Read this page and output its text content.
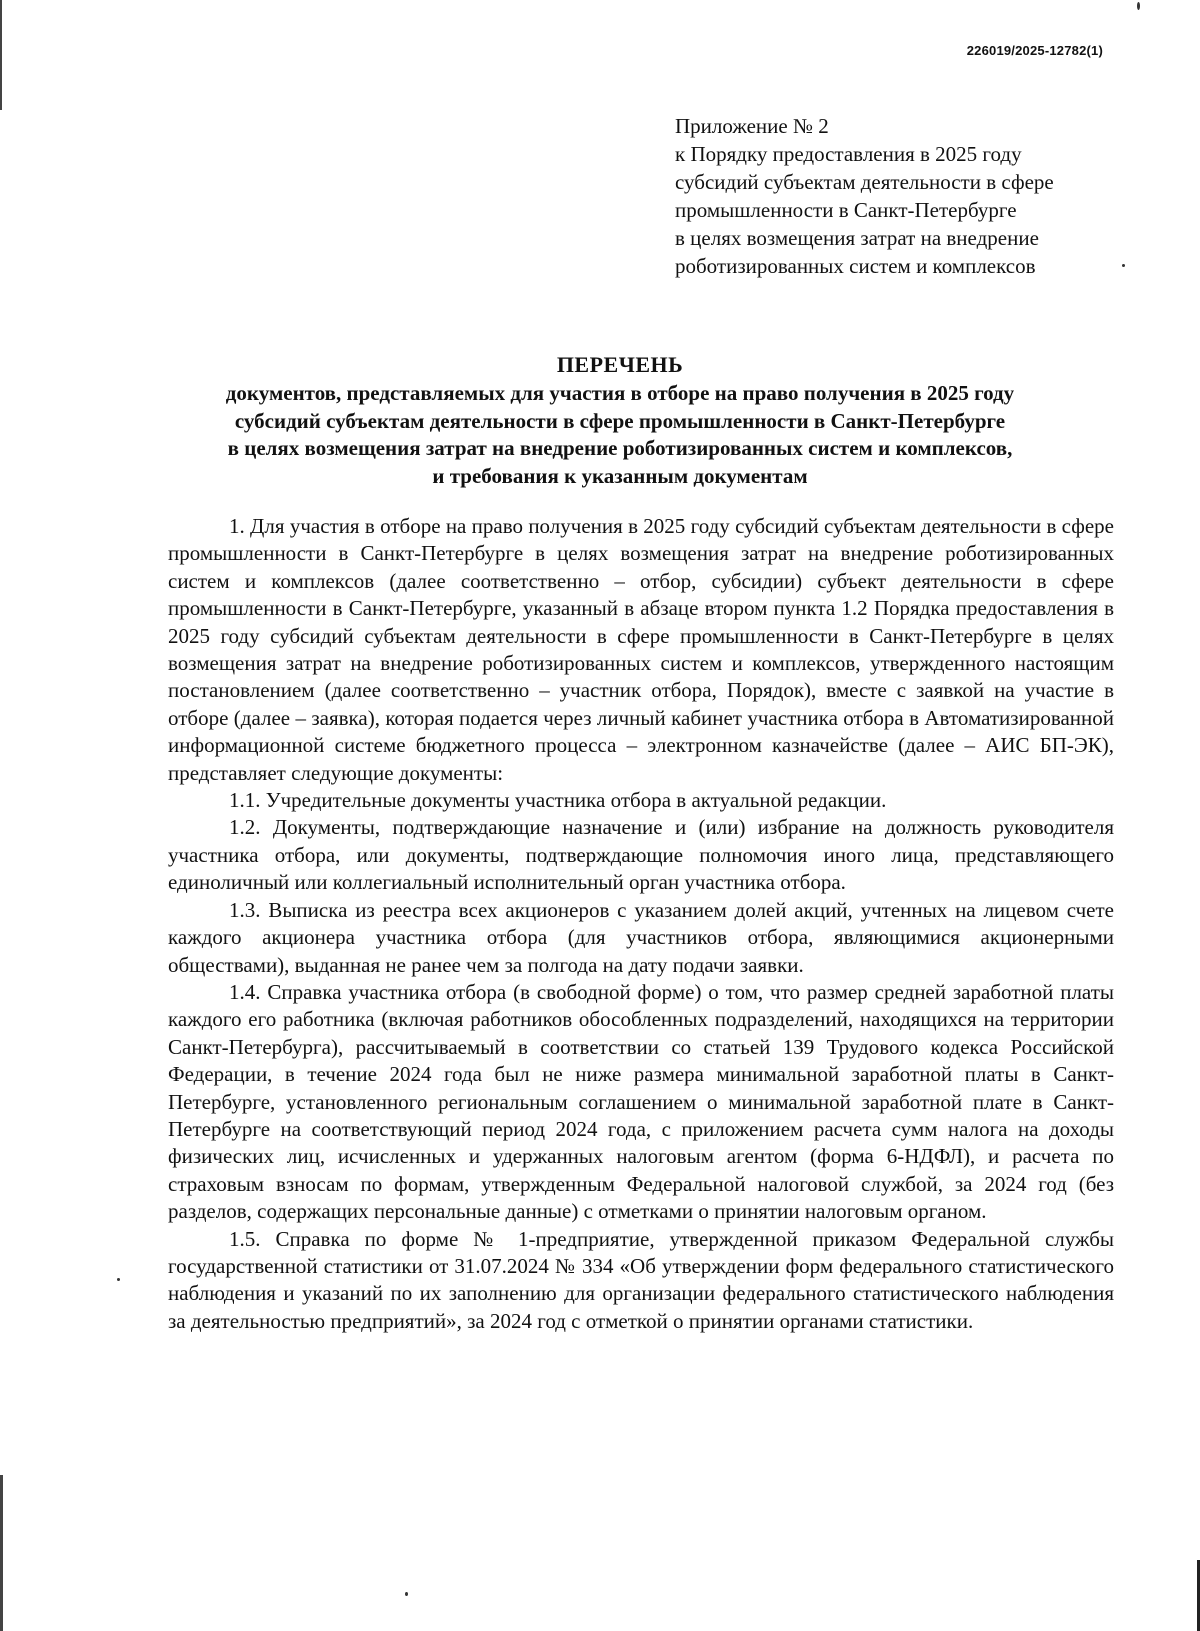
226019/2025-12782(1)
Приложение № 2
к Порядку предоставления в 2025 году
субсидий субъектам деятельности в сфере
промышленности в Санкт-Петербурге
в целях возмещения затрат на внедрение
роботизированных систем и комплексов
ПЕРЕЧЕНЬ
документов, представляемых для участия в отборе на право получения в 2025 году
субсидий субъектам деятельности в сфере промышленности в Санкт-Петербурге
в целях возмещения затрат на внедрение роботизированных систем и комплексов,
и требования к указанным документам

1. Для участия в отборе на право получения в 2025 году субсидий субъектам деятельности в сфере промышленности в Санкт-Петербурге в целях возмещения затрат на внедрение роботизированных систем и комплексов (далее соответственно – отбор, субсидии) субъект деятельности в сфере промышленности в Санкт-Петербурге, указанный в абзаце втором пункта 1.2 Порядка предоставления в 2025 году субсидий субъектам деятельности в сфере промышленности в Санкт-Петербурге в целях возмещения затрат на внедрение роботизированных систем и комплексов, утвержденного настоящим постановлением (далее соответственно – участник отбора, Порядок), вместе с заявкой на участие в отборе (далее – заявка), которая подается через личный кабинет участника отбора в Автоматизированной информационной системе бюджетного процесса – электронном казначействе (далее – АИС БП-ЭК), представляет следующие документы:

1.1. Учредительные документы участника отбора в актуальной редакции.

1.2. Документы, подтверждающие назначение и (или) избрание на должность руководителя участника отбора, или документы, подтверждающие полномочия иного лица, представляющего единоличный или коллегиальный исполнительный орган участника отбора.

1.3. Выписка из реестра всех акционеров с указанием долей акций, учтенных на лицевом счете каждого акционера участника отбора (для участников отбора, являющимися акционерными обществами), выданная не ранее чем за полгода на дату подачи заявки.

1.4. Справка участника отбора (в свободной форме) о том, что размер средней заработной платы каждого его работника (включая работников обособленных подразделений, находящихся на территории Санкт-Петербурга), рассчитываемый в соответствии со статьей 139 Трудового кодекса Российской Федерации, в течение 2024 года был не ниже размера минимальной заработной платы в Санкт-Петербурге, установленного региональным соглашением о минимальной заработной плате в Санкт-Петербурге на соответствующий период 2024 года, с приложением расчета сумм налога на доходы физических лиц, исчисленных и удержанных налоговым агентом (форма 6-НДФЛ), и расчета по страховым взносам по формам, утвержденным Федеральной налоговой службой, за 2024 год (без разделов, содержащих персональные данные) с отметками о принятии налоговым органом.

1.5. Справка по форме № 1-предприятие, утвержденной приказом Федеральной службы государственной статистики от 31.07.2024 № 334 «Об утверждении форм федерального статистического наблюдения и указаний по их заполнению для организации федерального статистического наблюдения за деятельностью предприятий», за 2024 год с отметкой о принятии органами статистики.
